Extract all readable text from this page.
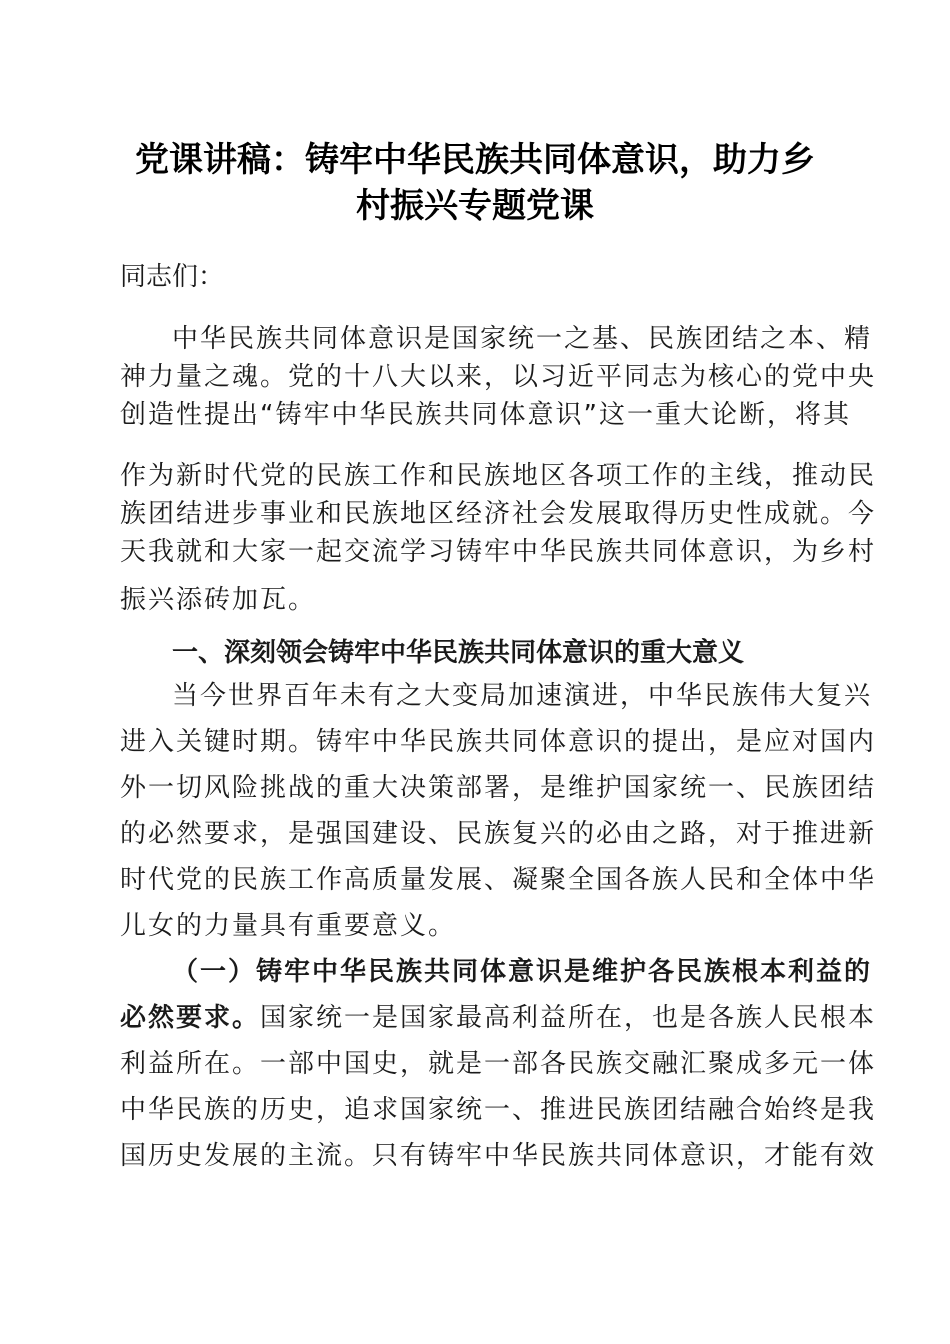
党课讲稿：铸牢中华民族共同体意识，助力乡
村振兴专题党课
同志们：
中华民族共同体意识是国家统一之基、民族团结之本、精
神力量之魂。党的十八大以来，以习近平同志为核心的党中央
创造性提出“铸牢中华民族共同体意识”这一重大论断，将其
作为新时代党的民族工作和民族地区各项工作的主线，推动民
族团结进步事业和民族地区经济社会发展取得历史性成就。今
天我就和大家一起交流学习铸牢中华民族共同体意识，为乡村
振兴添砖加瓦。
一、深刻领会铸牢中华民族共同体意识的重大意义
当今世界百年未有之大变局加速演进，中华民族伟大复兴
进入关键时期。铸牢中华民族共同体意识的提出，是应对国内
外一切风险挑战的重大决策部署，是维护国家统一、民族团结
的必然要求，是强国建设、民族复兴的必由之路，对于推进新
时代党的民族工作高质量发展、凝聚全国各族人民和全体中华
儿女的力量具有重要意义。
（一）铸牢中华民族共同体意识是维护各民族根本利益的
必然要求。国家统一是国家最高利益所在，也是各族人民根本
利益所在。一部中国史，就是一部各民族交融汇聚成多元一体
中华民族的历史，追求国家统一、推进民族团结融合始终是我
国历史发展的主流。只有铸牢中华民族共同体意识，才能有效
